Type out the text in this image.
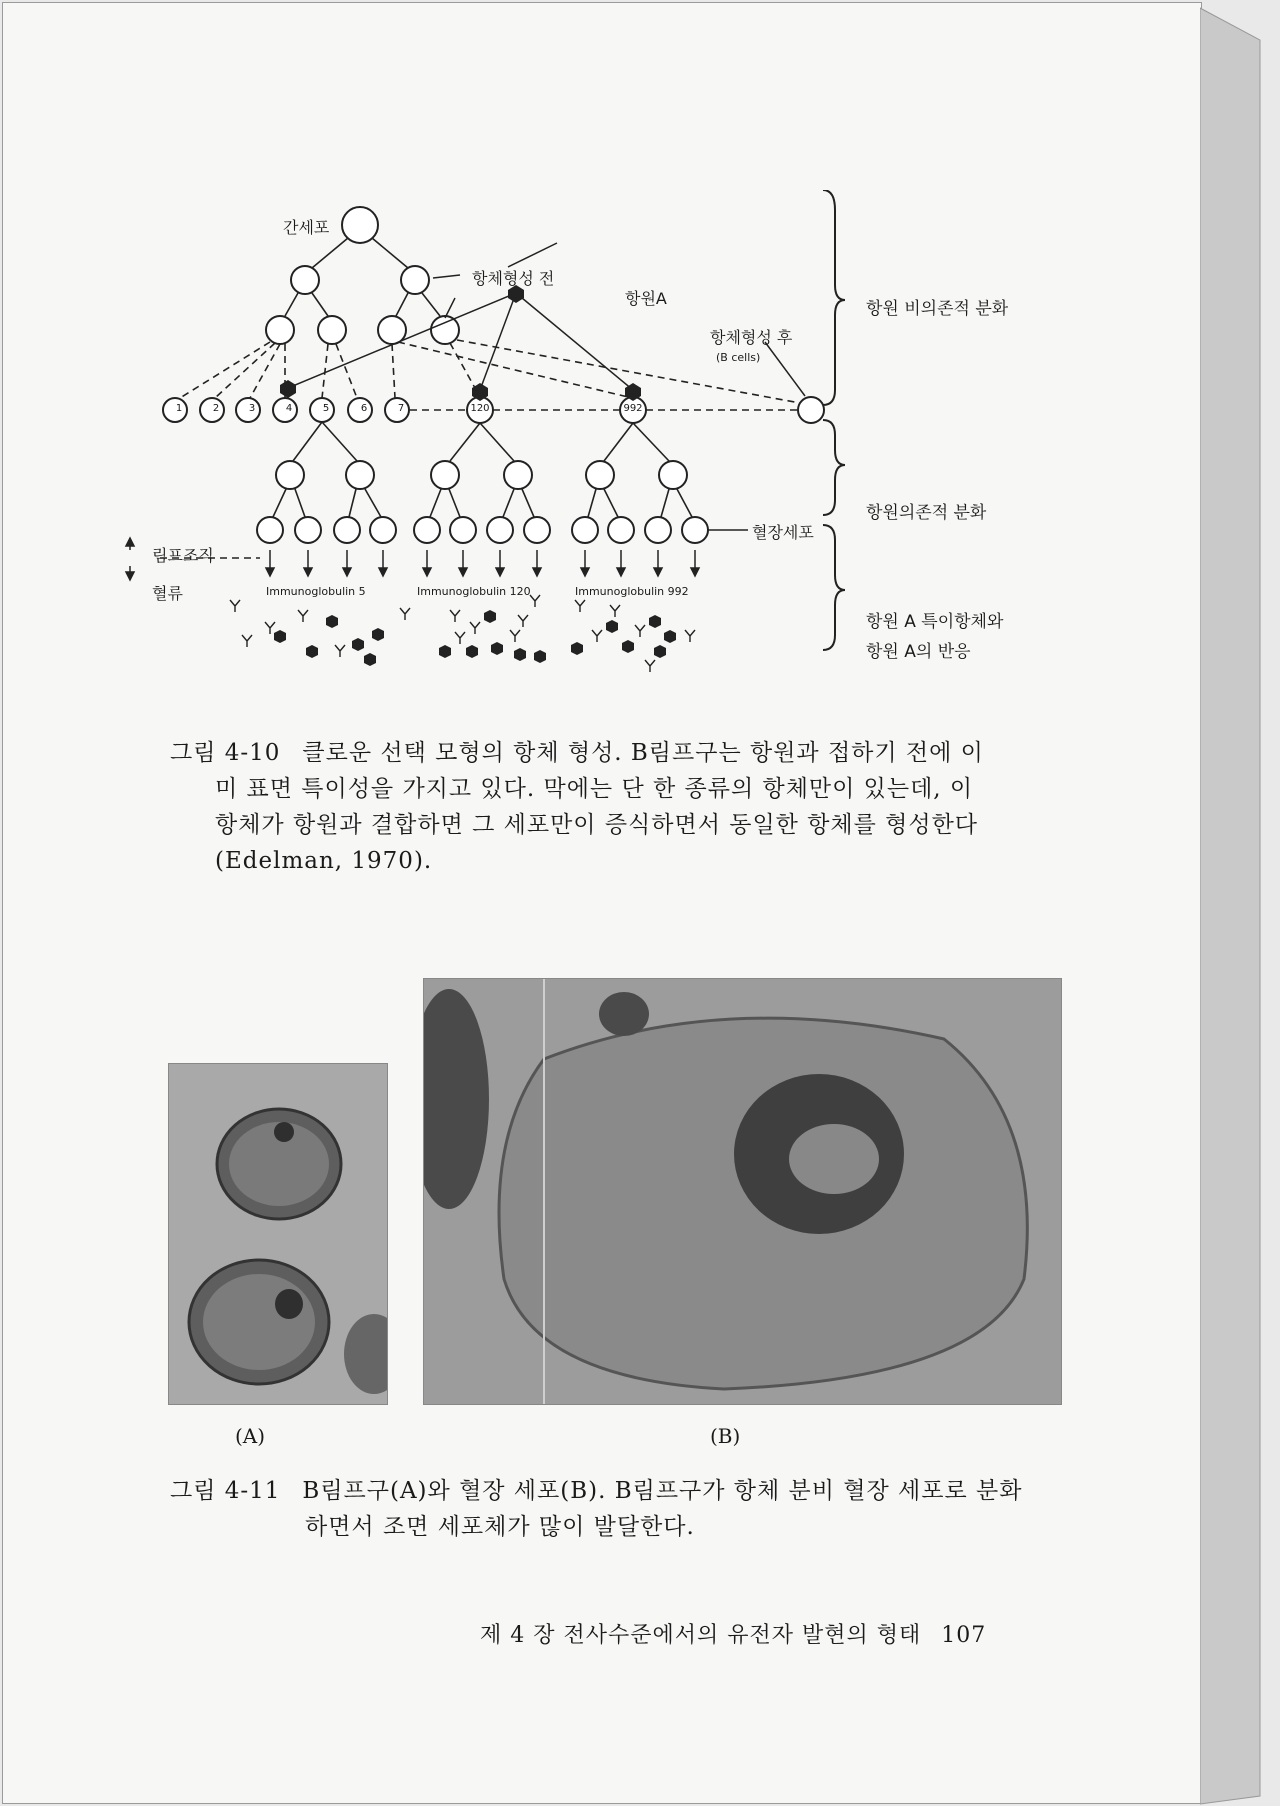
간세포
항체형성 전
항원A
항체형성 후
(B cells)
1	2	3	4	5	6	7	120	992
림프조직
혈류
혈장세포
Immunoglobulin 5	Immunoglobulin 120	Immunoglobulin 992
항원 비의존적 분화
항원의존적 분화
항원 A 특이항체와
항원 A의 반응
그림 4-10 클로운 선택 모형의 항체 형성. B림프구는 항원과 접하기 전에 이
미 표면 특이성을 가지고 있다. 막에는 단 한 종류의 항체만이 있는데, 이
항체가 항원과 결합하면 그 세포만이 증식하면서 동일한 항체를 형성한다
(Edelman, 1970).
(A)	(B)
그림 4-11 B림프구(A)와 혈장 세포(B). B림프구가 항체 분비 혈장 세포로 분화
하면서 조면 세포체가 많이 발달한다.
제 4 장 전사수준에서의 유전자 발현의 형태 107
